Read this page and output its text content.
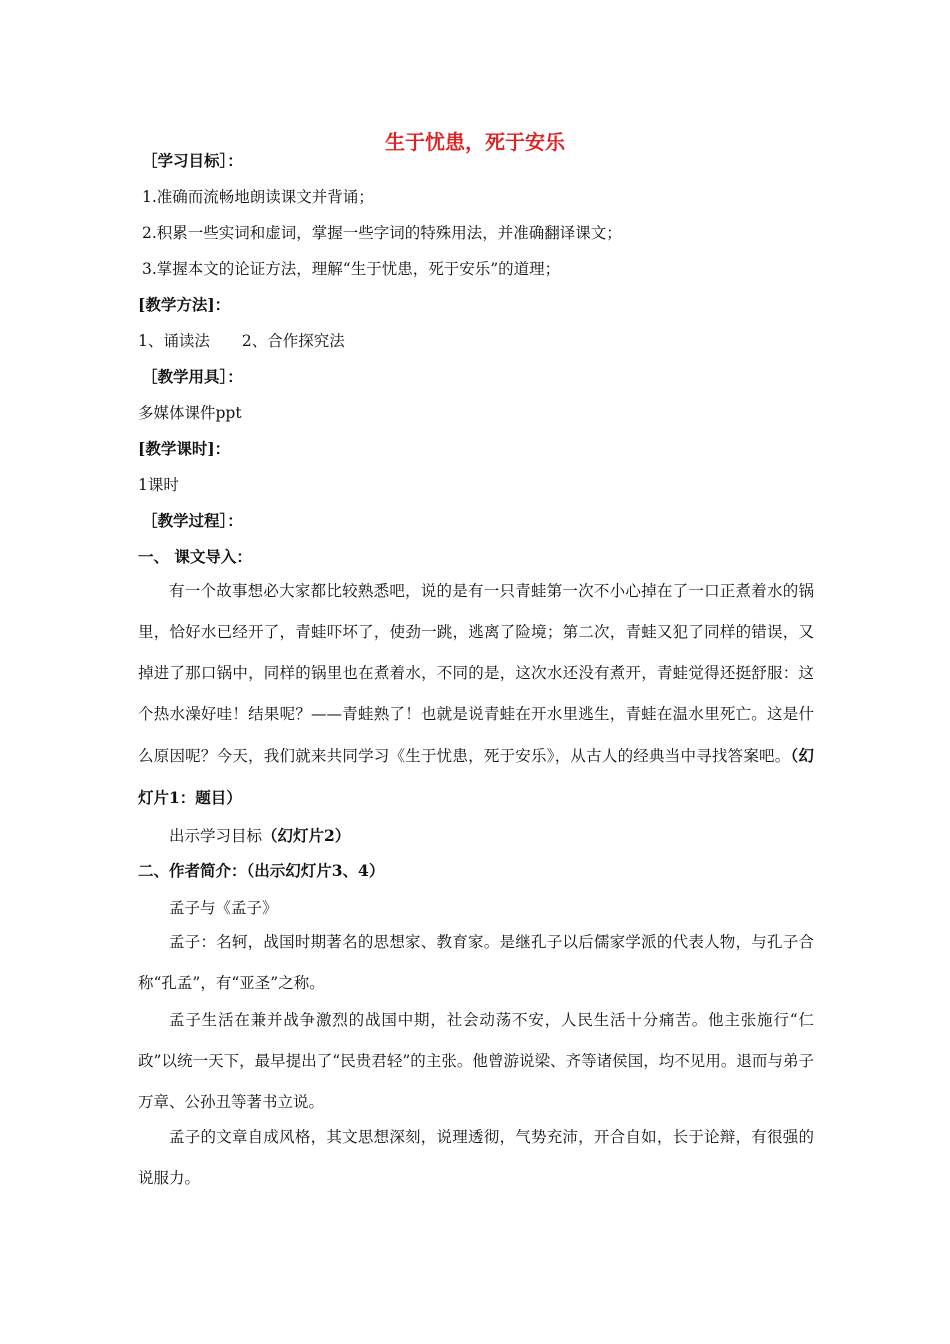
生于忧患，死于安乐
［学习目标］：
1.准确而流畅地朗读课文并背诵；
2.积累一些实词和虚词，掌握一些字词的特殊用法，并准确翻译课文；
3.掌握本文的论证方法，理解“生于忧患，死于安乐”的道理；
[教学方法]：
1、诵读法 2、合作探究法
［教学用具］：
多媒体课件ppt
[教学课时]：
1课时
［教学过程］：
一、 课文导入：
有一个故事想必大家都比较熟悉吧，说的是有一只青蛙第一次不小心掉在了一口正煮着水的锅里，恰好水已经开了，青蛙吓坏了，使劲一跳，逃离了险境；第二次，青蛙又犯了同样的错误，又掉进了那口锅中，同样的锅里也在煮着水，不同的是，这次水还没有煮开，青蛙觉得还挺舒服：这个热水澡好哇！结果呢？——青蛙熟了！也就是说青蛙在开水里逃生，青蛙在温水里死亡。这是什么原因呢？今天，我们就来共同学习《生于忧患，死于安乐》，从古人的经典当中寻找答案吧。（幻灯片1：题目）
出示学习目标（幻灯片2）
二、作者简介：（出示幻灯片3、4）
孟子与《孟子》
孟子：名轲，战国时期著名的思想家、教育家。是继孔子以后儒家学派的代表人物，与孔子合称“孔孟”，有“亚圣”之称。
孟子生活在兼并战争激烈的战国中期，社会动荡不安，人民生活十分痛苦。他主张施行“仁政”以统一天下，最早提出了“民贵君轻”的主张。他曾游说梁、齐等诸侯国，均不见用。退而与弟子万章、公孙丑等著书立说。
孟子的文章自成风格，其文思想深刻，说理透彻，气势充沛，开合自如，长于论辩，有很强的说服力。
